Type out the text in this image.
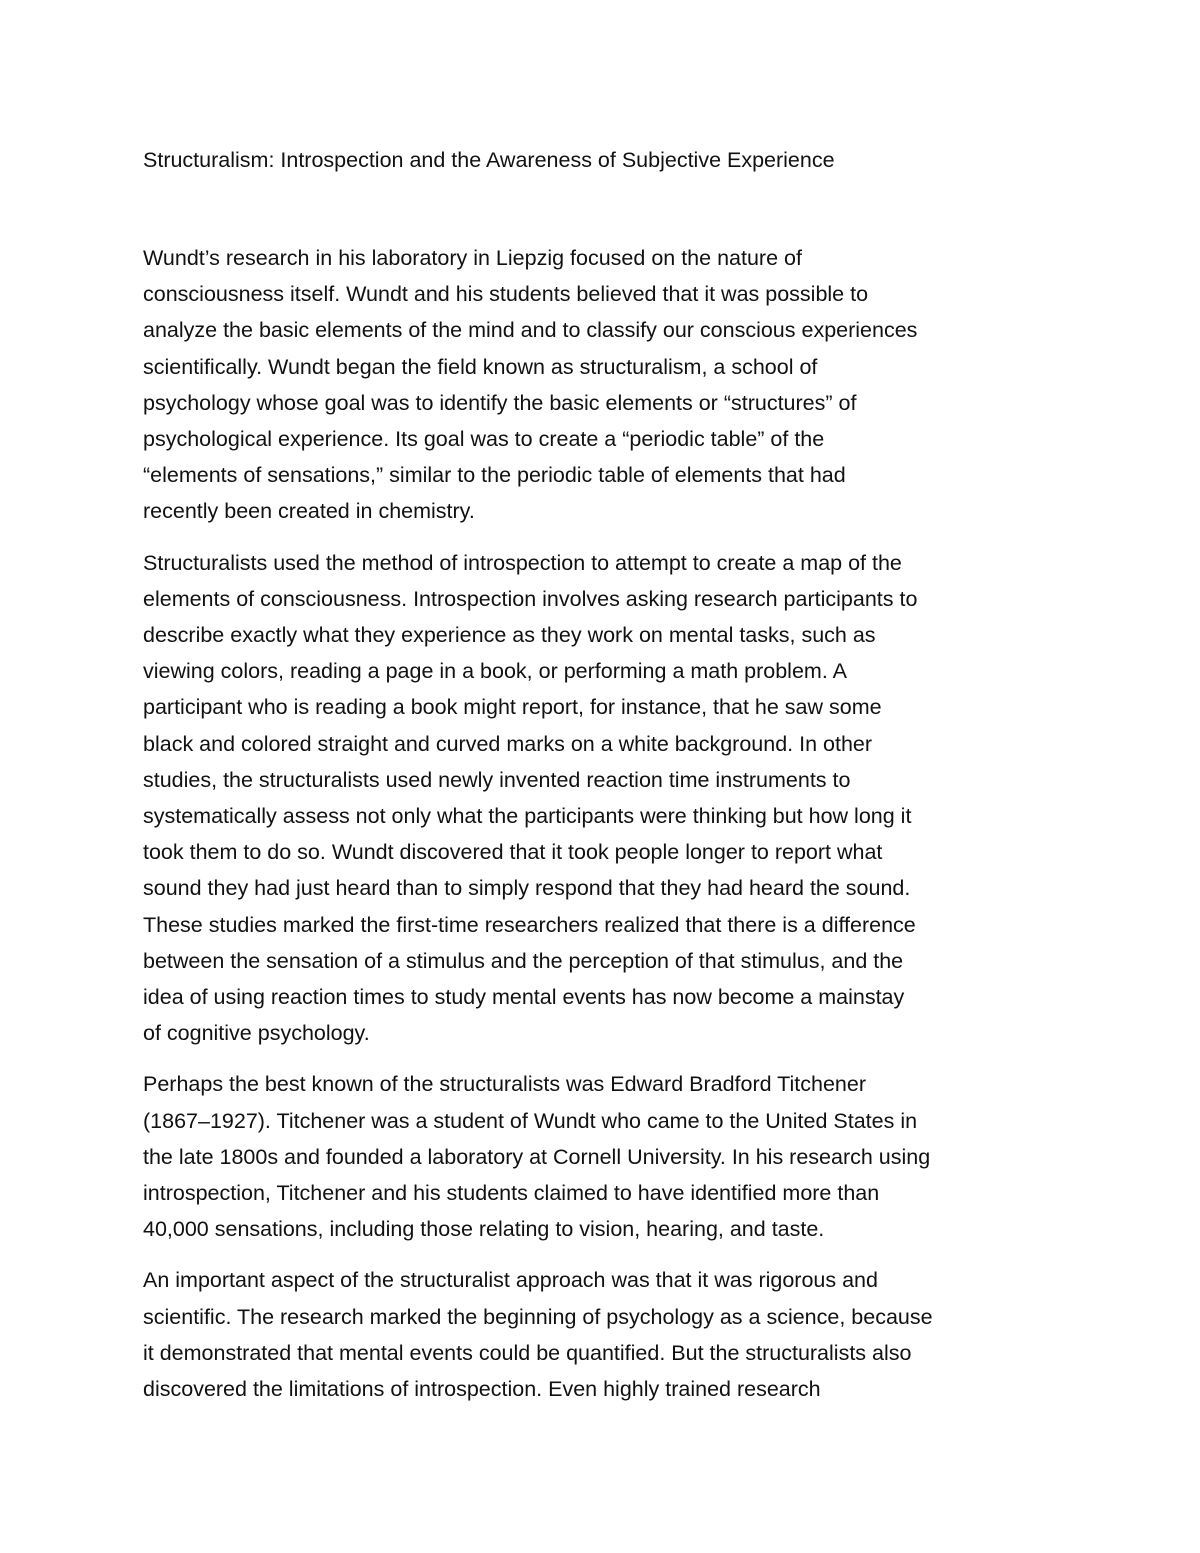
Structuralism: Introspection and the Awareness of Subjective Experience

Wundt’s research in his laboratory in Liepzig focused on the nature of
consciousness itself. Wundt and his students believed that it was possible to
analyze the basic elements of the mind and to classify our conscious experiences
scientifically. Wundt began the field known as structuralism, a school of
psychology whose goal was to identify the basic elements or “structures” of
psychological experience. Its goal was to create a “periodic table” of the
“elements of sensations,” similar to the periodic table of elements that had
recently been created in chemistry.

Structuralists used the method of introspection to attempt to create a map of the
elements of consciousness. Introspection involves asking research participants to
describe exactly what they experience as they work on mental tasks, such as
viewing colors, reading a page in a book, or performing a math problem. A
participant who is reading a book might report, for instance, that he saw some
black and colored straight and curved marks on a white background. In other
studies, the structuralists used newly invented reaction time instruments to
systematically assess not only what the participants were thinking but how long it
took them to do so. Wundt discovered that it took people longer to report what
sound they had just heard than to simply respond that they had heard the sound.
These studies marked the first-time researchers realized that there is a difference
between the sensation of a stimulus and the perception of that stimulus, and the
idea of using reaction times to study mental events has now become a mainstay
of cognitive psychology.

Perhaps the best known of the structuralists was Edward Bradford Titchener
(1867–1927). Titchener was a student of Wundt who came to the United States in
the late 1800s and founded a laboratory at Cornell University. In his research using
introspection, Titchener and his students claimed to have identified more than
40,000 sensations, including those relating to vision, hearing, and taste.

An important aspect of the structuralist approach was that it was rigorous and
scientific. The research marked the beginning of psychology as a science, because
it demonstrated that mental events could be quantified. But the structuralists also
discovered the limitations of introspection. Even highly trained research
